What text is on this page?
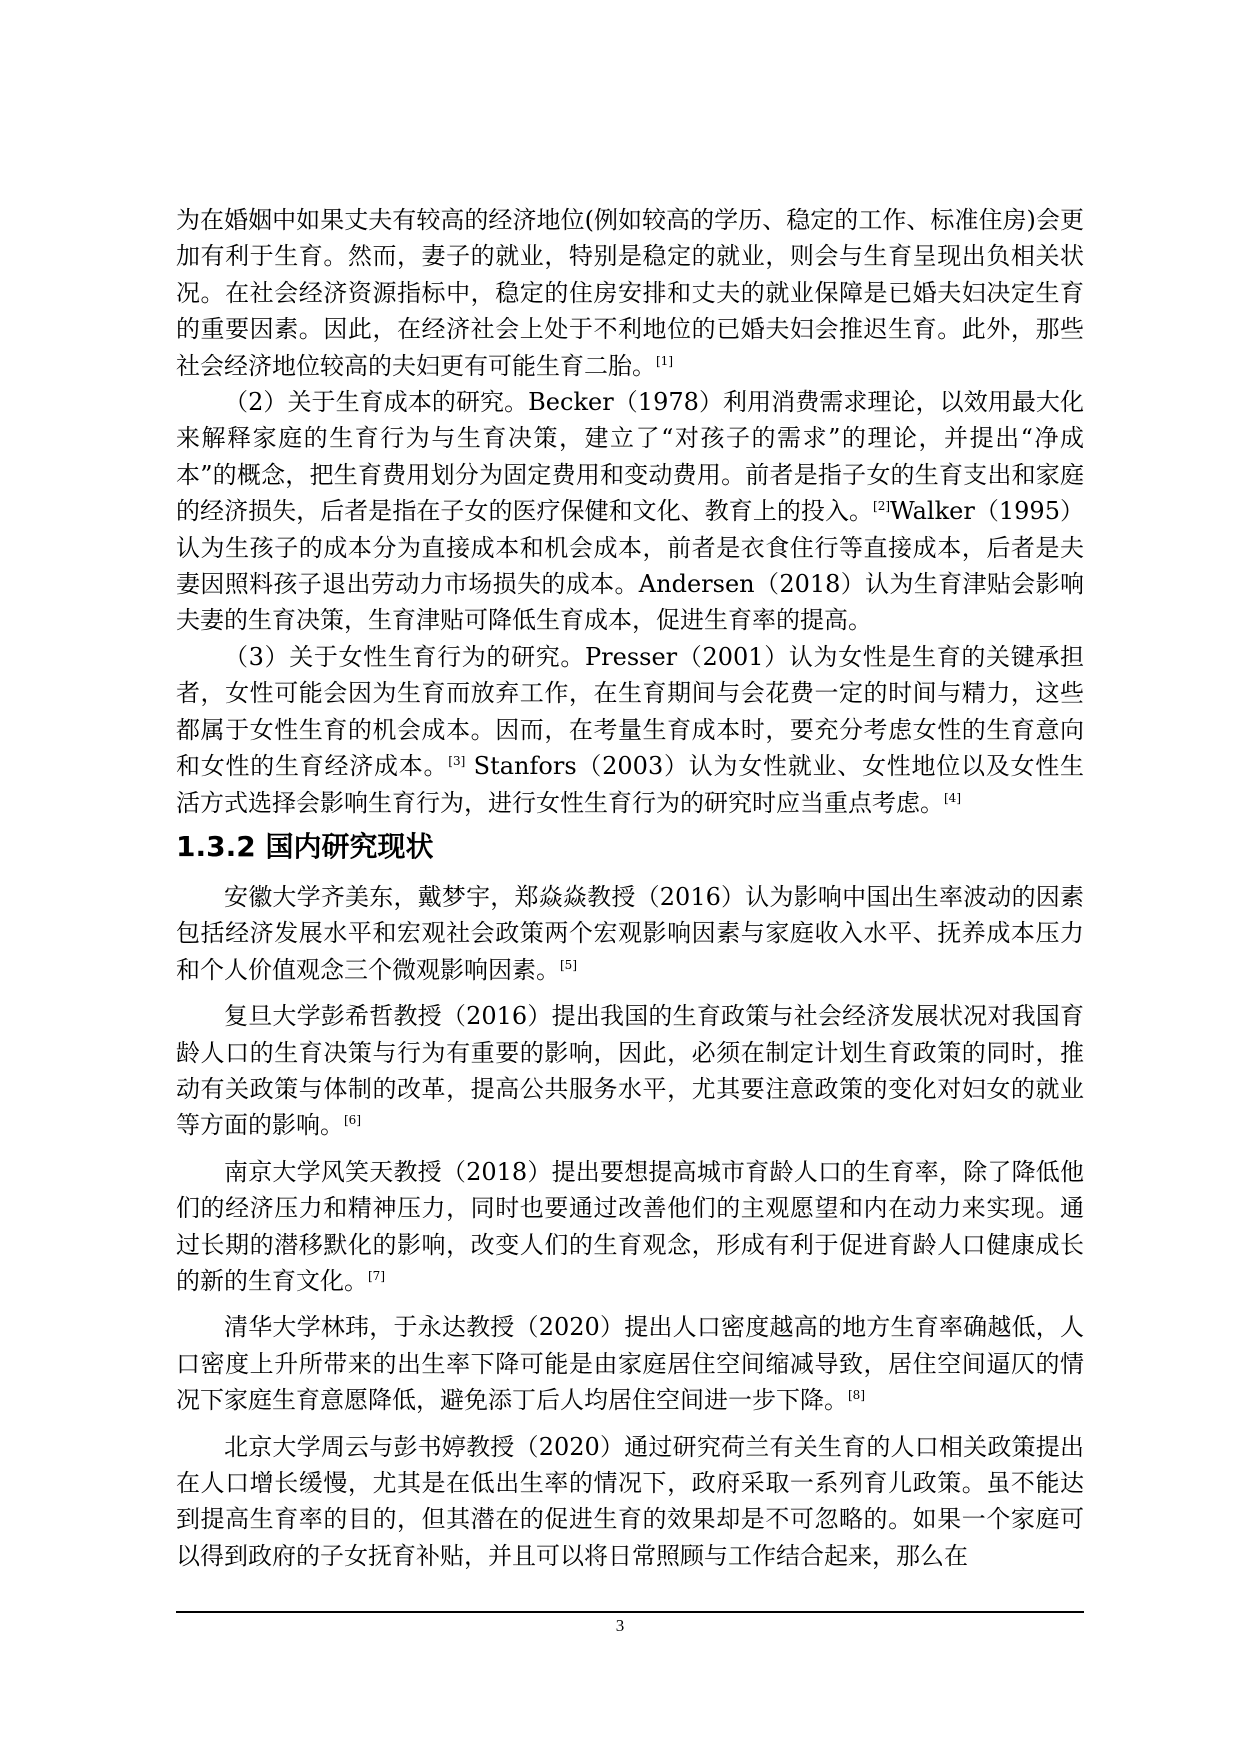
为在婚姻中如果丈夫有较高的经济地位(例如较高的学历、稳定的工作、标准住房)会更加有利于生育。然而，妻子的就业，特别是稳定的就业，则会与生育呈现出负相关状况。在社会经济资源指标中，稳定的住房安排和丈夫的就业保障是已婚夫妇决定生育的重要因素。因此，在经济社会上处于不利地位的已婚夫妇会推迟生育。此外，那些社会经济地位较高的夫妇更有可能生育二胎。[1]

（2）关于生育成本的研究。Becker（1978）利用消费需求理论，以效用最大化来解释家庭的生育行为与生育决策，建立了“对孩子的需求”的理论，并提出“净成本”的概念，把生育费用划分为固定费用和变动费用。前者是指子女的生育支出和家庭的经济损失，后者是指在子女的医疗保健和文化、教育上的投入。[2]Walker（1995）认为生孩子的成本分为直接成本和机会成本，前者是衣食住行等直接成本，后者是夫妻因照料孩子退出劳动力市场损失的成本。Andersen（2018）认为生育津贴会影响夫妻的生育决策，生育津贴可降低生育成本，促进生育率的提高。

（3）关于女性生育行为的研究。Presser（2001）认为女性是生育的关键承担者，女性可能会因为生育而放弃工作，在生育期间与会花费一定的时间与精力，这些都属于女性生育的机会成本。因而，在考量生育成本时，要充分考虑女性的生育意向和女性的生育经济成本。[3] Stanfors（2003）认为女性就业、女性地位以及女性生活方式选择会影响生育行为，进行女性生育行为的研究时应当重点考虑。[4]

1.3.2 国内研究现状

安徽大学齐美东，戴梦宇，郑焱焱教授（2016）认为影响中国出生率波动的因素包括经济发展水平和宏观社会政策两个宏观影响因素与家庭收入水平、抚养成本压力和个人价值观念三个微观影响因素。[5]

复旦大学彭希哲教授（2016）提出我国的生育政策与社会经济发展状况对我国育龄人口的生育决策与行为有重要的影响，因此，必须在制定计划生育政策的同时，推动有关政策与体制的改革，提高公共服务水平，尤其要注意政策的变化对妇女的就业等方面的影响。[6]

南京大学风笑天教授（2018）提出要想提高城市育龄人口的生育率，除了降低他们的经济压力和精神压力，同时也要通过改善他们的主观愿望和内在动力来实现。通过长期的潜移默化的影响，改变人们的生育观念，形成有利于促进育龄人口健康成长的新的生育文化。[7]

清华大学林玮，于永达教授（2020）提出人口密度越高的地方生育率确越低，人口密度上升所带来的出生率下降可能是由家庭居住空间缩减导致，居住空间逼仄的情况下家庭生育意愿降低，避免添丁后人均居住空间进一步下降。[8]

北京大学周云与彭书婷教授（2020）通过研究荷兰有关生育的人口相关政策提出在人口增长缓慢，尤其是在低出生率的情况下，政府采取一系列育儿政策。虽不能达到提高生育率的目的，但其潜在的促进生育的效果却是不可忽略的。如果一个家庭可以得到政府的子女抚育补贴，并且可以将日常照顾与工作结合起来，那么在

3
